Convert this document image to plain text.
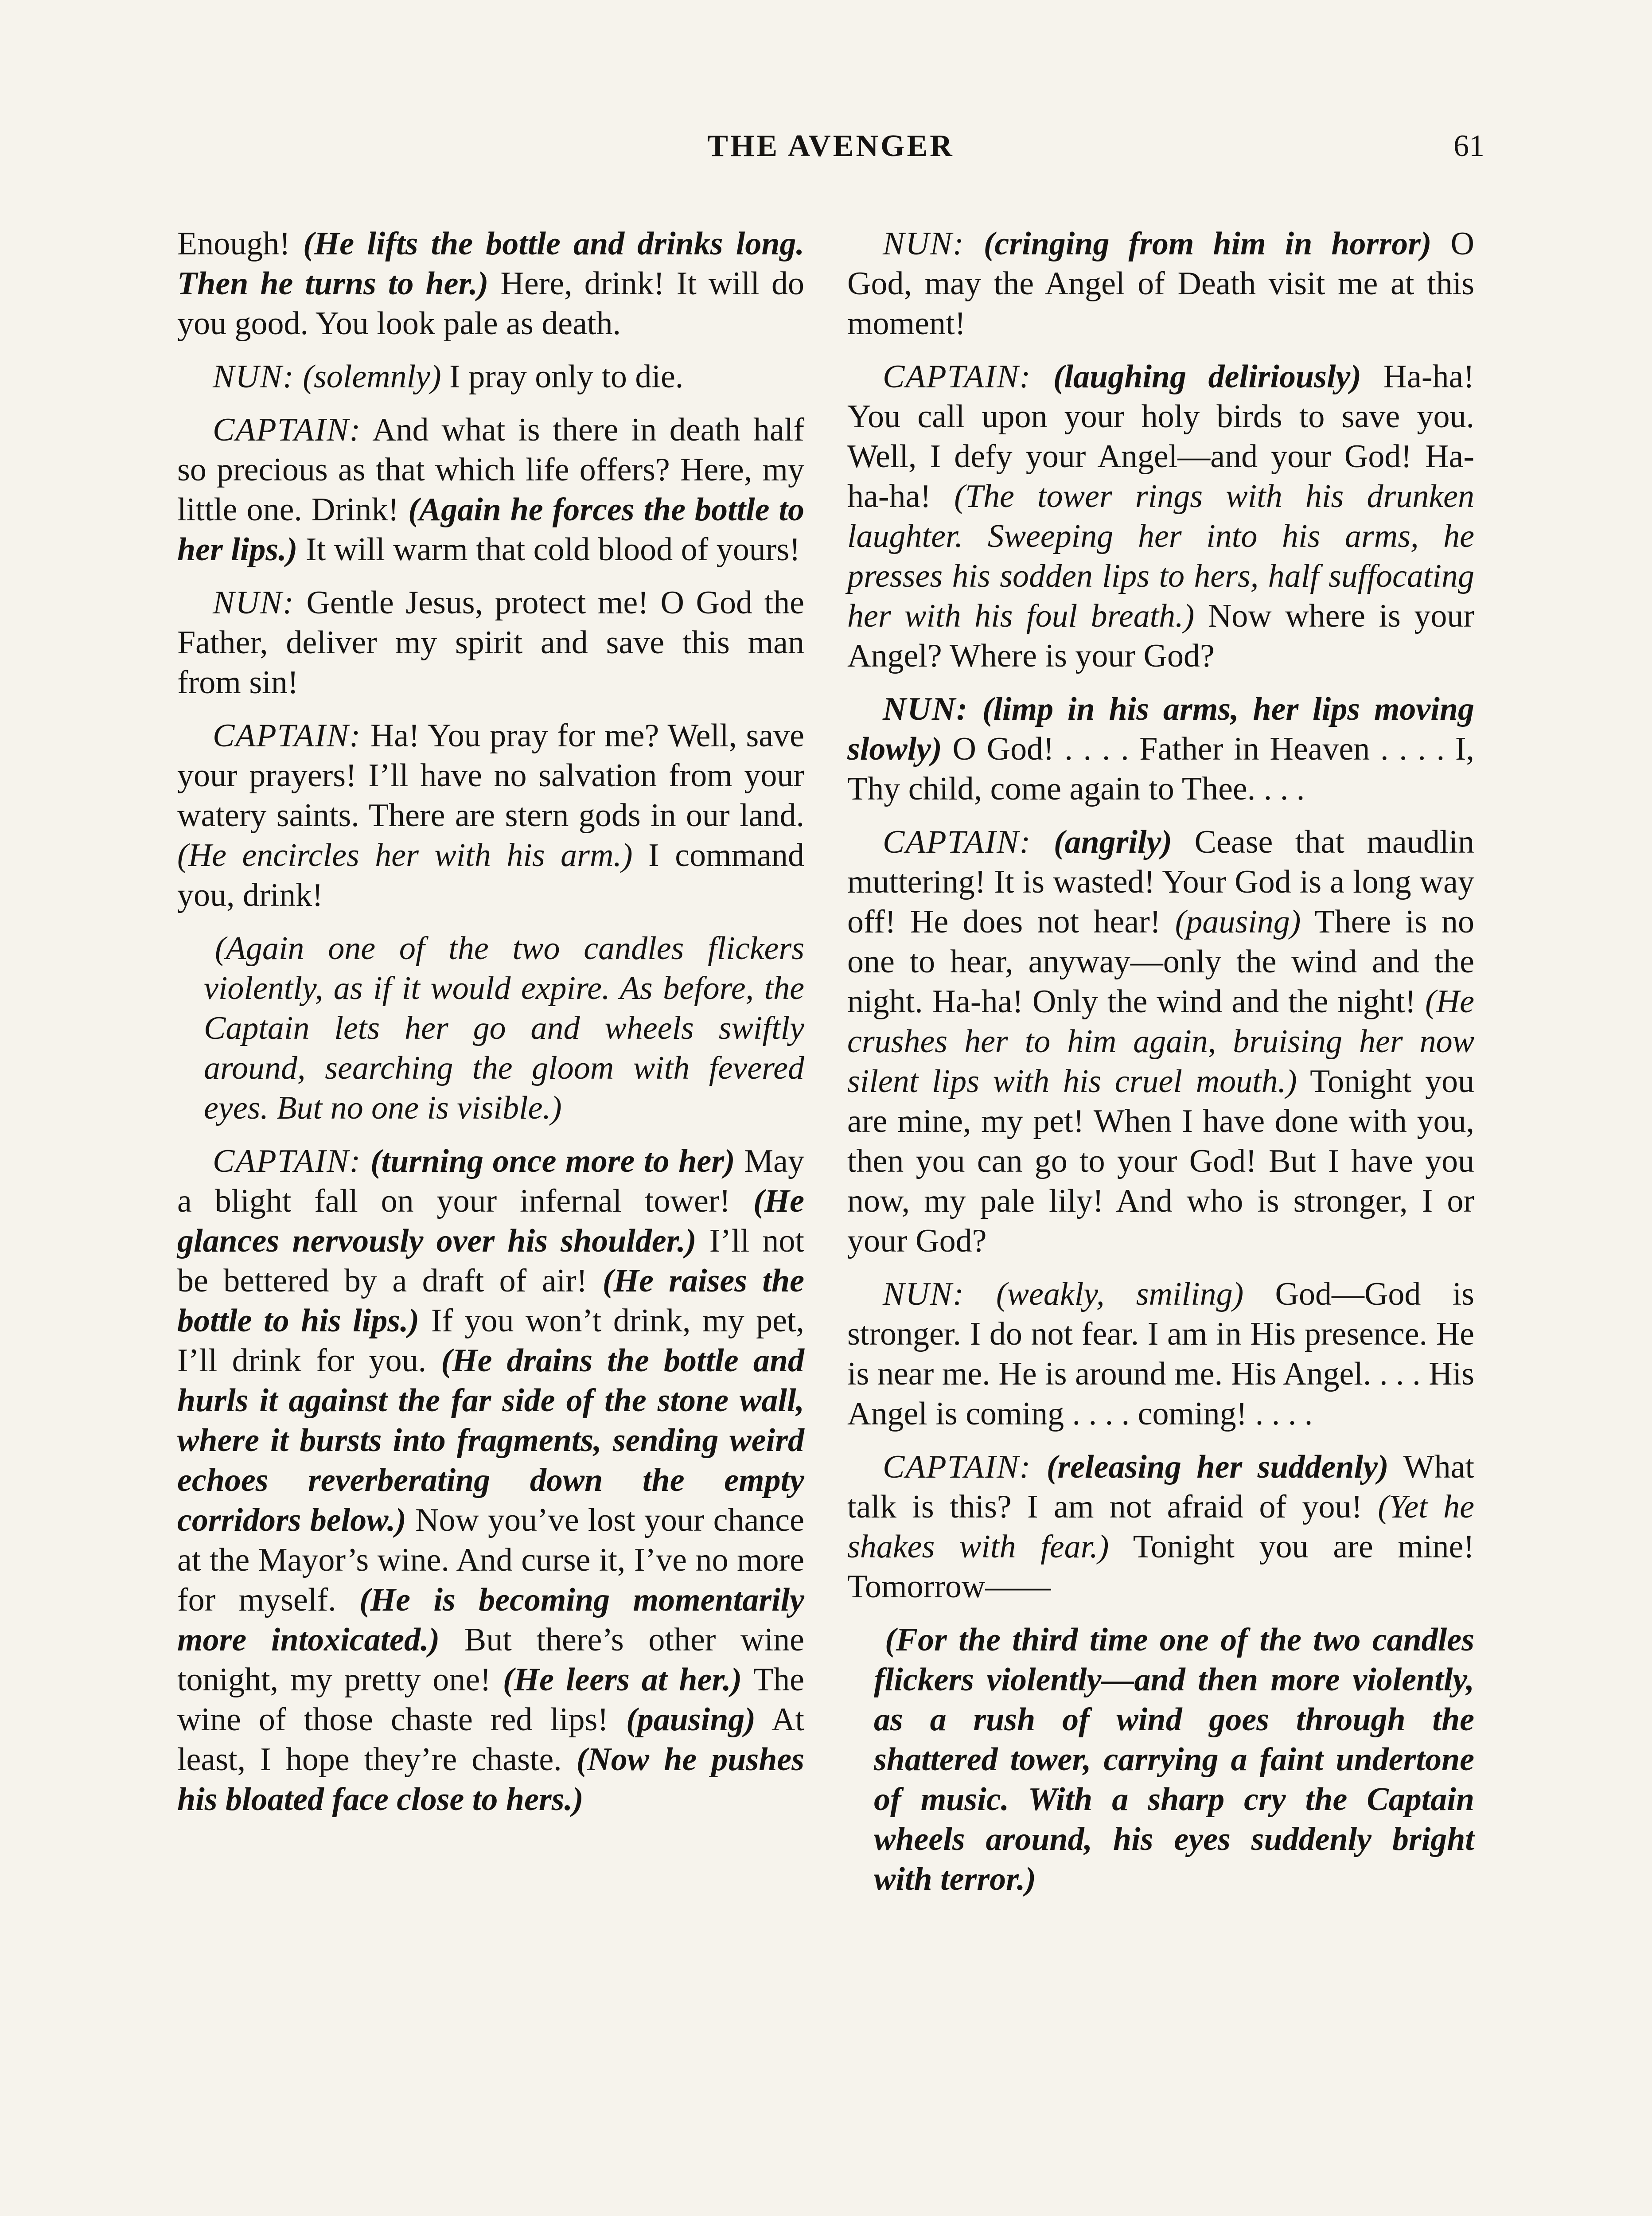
THE AVENGER	61

Enough! (He lifts the bottle and drinks long. Then he turns to her.) Here, drink! It will do you good. You look pale as death.

NUN: (solemnly) I pray only to die.

CAPTAIN: And what is there in death half so precious as that which life offers? Here, my little one. Drink! (Again he forces the bottle to her lips.) It will warm that cold blood of yours!

NUN: Gentle Jesus, protect me! O God the Father, deliver my spirit and save this man from sin!

CAPTAIN: Ha! You pray for me? Well, save your prayers! I’ll have no salvation from your watery saints. There are stern gods in our land. (He encircles her with his arm.) I command you, drink!

(Again one of the two candles flickers violently, as if it would expire. As before, the Captain lets her go and wheels swiftly around, searching the gloom with fevered eyes. But no one is visible.)

CAPTAIN: (turning once more to her) May a blight fall on your infernal tower! (He glances nervously over his shoulder.) I’ll not be bettered by a draft of air! (He raises the bottle to his lips.) If you won’t drink, my pet, I’ll drink for you. (He drains the bottle and hurls it against the far side of the stone wall, where it bursts into fragments, sending weird echoes reverberating down the empty corridors below.) Now you’ve lost your chance at the Mayor’s wine. And curse it, I’ve no more for myself. (He is becoming momentarily more intoxicated.) But there’s other wine tonight, my pretty one! (He leers at her.) The wine of those chaste red lips! (pausing) At least, I hope they’re chaste. (Now he pushes his bloated face close to hers.)

NUN: (cringing from him in horror) O God, may the Angel of Death visit me at this moment!

CAPTAIN: (laughing deliriously) Ha-ha! You call upon your holy birds to save you. Well, I defy your Angel—and your God! Ha-ha-ha! (The tower rings with his drunken laughter. Sweeping her into his arms, he presses his sodden lips to hers, half suffocating her with his foul breath.) Now where is your Angel? Where is your God?

NUN: (limp in his arms, her lips moving slowly) O God! . . . . Father in Heaven . . . . I, Thy child, come again to Thee. . . .

CAPTAIN: (angrily) Cease that maudlin muttering! It is wasted! Your God is a long way off! He does not hear! (pausing) There is no one to hear, anyway—only the wind and the night. Ha-ha! Only the wind and the night! (He crushes her to him again, bruising her now silent lips with his cruel mouth.) Tonight you are mine, my pet! When I have done with you, then you can go to your God! But I have you now, my pale lily! And who is stronger, I or your God?

NUN: (weakly, smiling) God—God is stronger. I do not fear. I am in His presence. He is near me. He is around me. His Angel. . . . His Angel is coming . . . . coming! . . . .

CAPTAIN: (releasing her suddenly) What talk is this? I am not afraid of you! (Yet he shakes with fear.) Tonight you are mine! Tomorrow——

(For the third time one of the two candles flickers violently—and then more violently, as a rush of wind goes through the shattered tower, carrying a faint undertone of music. With a sharp cry the Captain wheels around, his eyes suddenly bright with terror.)
